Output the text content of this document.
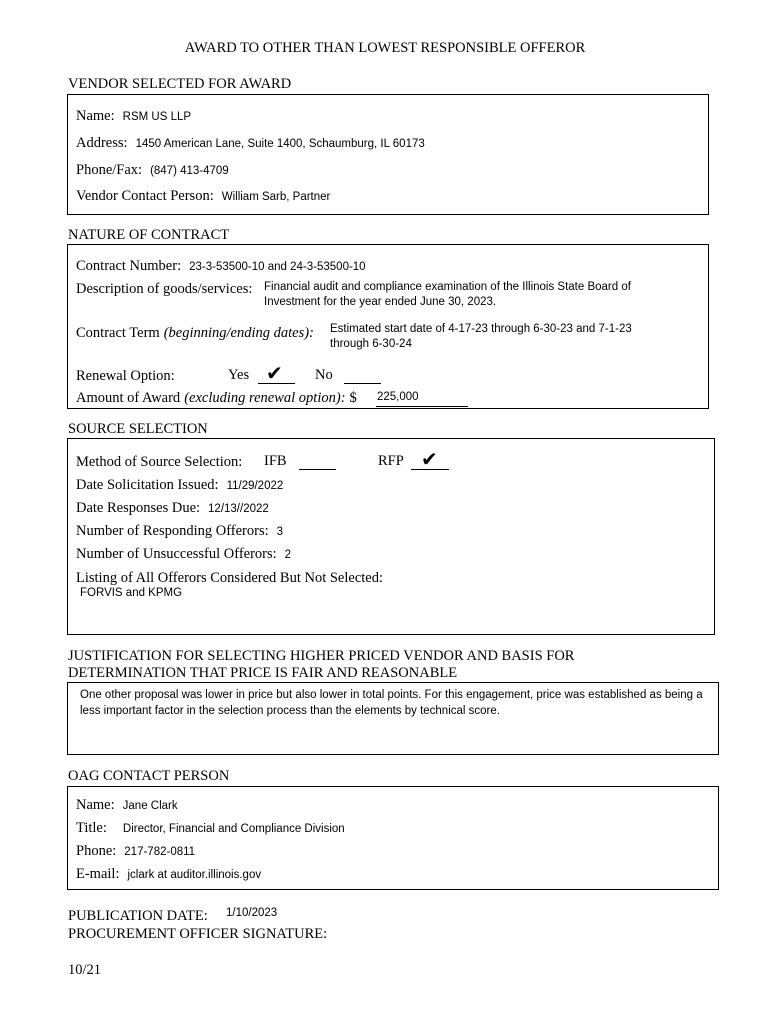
AWARD TO OTHER THAN LOWEST RESPONSIBLE OFFEROR
VENDOR SELECTED FOR AWARD
Name: RSM US LLP
Address: 1450 American Lane, Suite 1400, Schaumburg, IL 60173
Phone/Fax: (847) 413-4709
Vendor Contact Person: William Sarb, Partner
NATURE OF CONTRACT
Contract Number: 23-3-53500-10 and 24-3-53500-10
Description of goods/services: Financial audit and compliance examination of the Illinois State Board of
Investment for the year ended June 30, 2023.
Contract Term (beginning/ending dates): Estimated start date of 4-17-23 through 6-30-23 and 7-1-23
through 6-30-24
Renewal Option:	Yes ✔ No
Amount of Award (excluding renewal option): $ 225,000
SOURCE SELECTION
Method of Source Selection: IFB	RFP ✔
Date Solicitation Issued: 11/29/2022
Date Responses Due: 12/13//2022
Number of Responding Offerors: 3
Number of Unsuccessful Offerors: 2
Listing of All Offerors Considered But Not Selected:
FORVIS and KPMG
JUSTIFICATION FOR SELECTING HIGHER PRICED VENDOR AND BASIS FOR
DETERMINATION THAT PRICE IS FAIR AND REASONABLE
One other proposal was lower in price but also lower in total points. For this engagement, price was established as being a less important factor in the selection process than the elements by technical score.
OAG CONTACT PERSON
Name: Jane Clark
Title: Director, Financial and Compliance Division
Phone: 217-782-0811
E-mail: jclark at auditor.illinois.gov
PUBLICATION DATE: 1/10/2023
PROCUREMENT OFFICER SIGNATURE:
10/21
